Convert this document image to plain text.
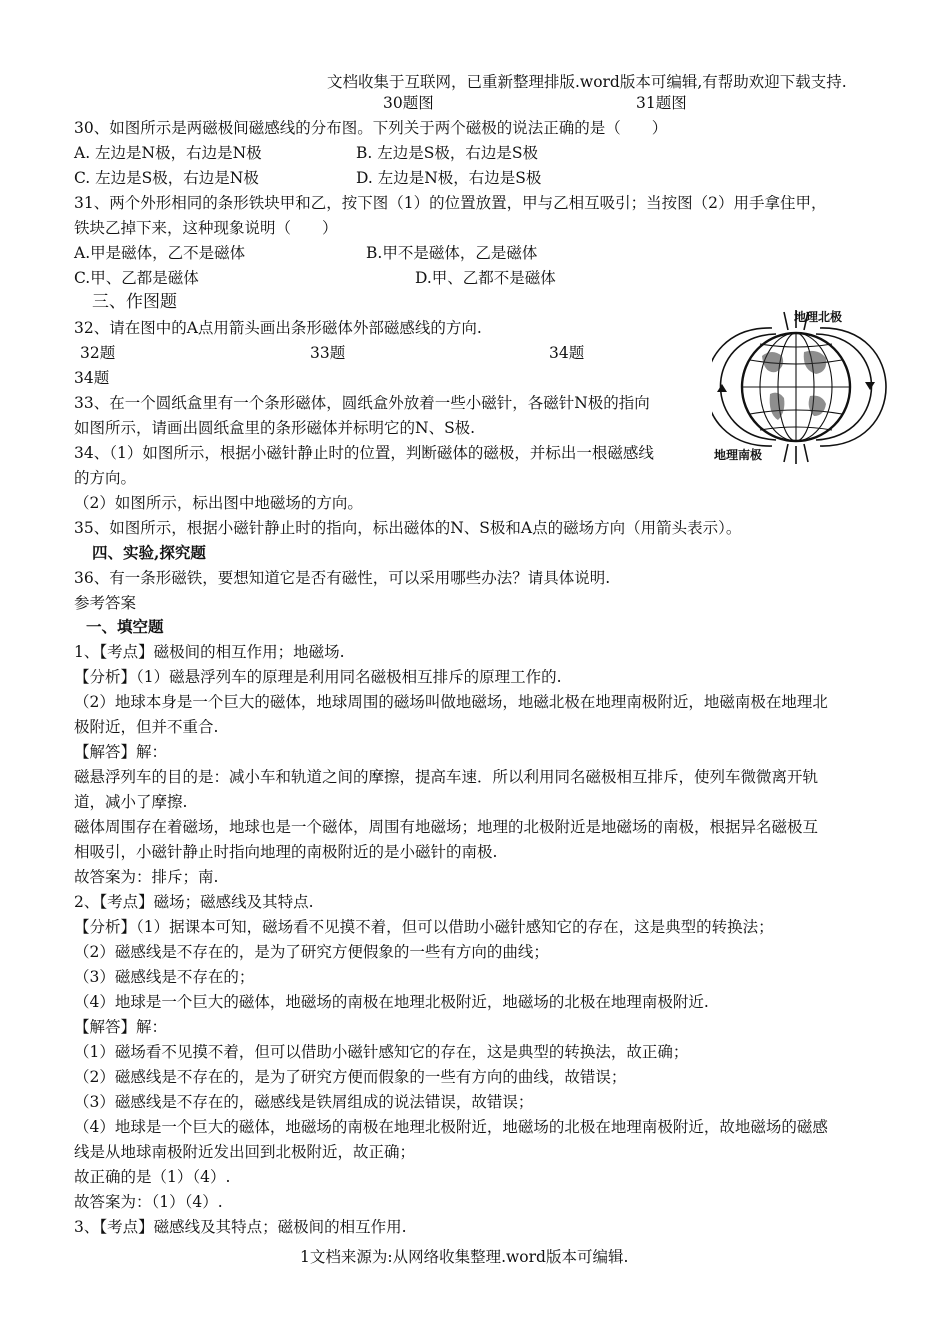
文档收集于互联网，已重新整理排版.word版本可编辑,有帮助欢迎下载支持.
30题图	31题图
30、如图所示是两磁极间磁感线的分布图。下列关于两个磁极的说法正确的是（　　）
A. 左边是N极，右边是N极	B. 左边是S极，右边是S极
C. 左边是S极，右边是N极	D. 左边是N极，右边是S极
31、两个外形相同的条形铁块甲和乙，按下图（1）的位置放置，甲与乙相互吸引；当按图（2）用手拿住甲，
铁块乙掉下来，这种现象说明（　　）
A.甲是磁体，乙不是磁体	B.甲不是磁体，乙是磁体
C.甲、乙都是磁体	D.甲、乙都不是磁体
三、作图题
32、请在图中的A点用箭头画出条形磁体外部磁感线的方向.
32题	33题	34题
34题
33、在一个圆纸盒里有一个条形磁体，圆纸盒外放着一些小磁针，各磁针N极的指向
如图所示，请画出圆纸盒里的条形磁体并标明它的N、S极.
34、（1）如图所示，根据小磁针静止时的位置，判断磁体的磁极，并标出一根磁感线
的方向。
（2）如图所示，标出图中地磁场的方向。
35、如图所示，根据小磁针静止时的指向，标出磁体的N、S极和A点的磁场方向（用箭头表示）。
四、实验,探究题
36、有一条形磁铁，要想知道它是否有磁性，可以采用哪些办法？请具体说明.
地理北极
地理南极
参考答案
一、填空题
1、【考点】磁极间的相互作用；地磁场.
【分析】（1）磁悬浮列车的原理是利用同名磁极相互排斥的原理工作的.
（2）地球本身是一个巨大的磁体，地球周围的磁场叫做地磁场，地磁北极在地理南极附近，地磁南极在地理北
极附近，但并不重合.
【解答】解：
磁悬浮列车的目的是：减小车和轨道之间的摩擦，提高车速．所以利用同名磁极相互排斥，使列车微微离开轨
道，减小了摩擦.
磁体周围存在着磁场，地球也是一个磁体，周围有地磁场；地理的北极附近是地磁场的南极，根据异名磁极互
相吸引，小磁针静止时指向地理的南极附近的是小磁针的南极.
故答案为：排斥；南.
2、【考点】磁场；磁感线及其特点.
【分析】（1）据课本可知，磁场看不见摸不着，但可以借助小磁针感知它的存在，这是典型的转换法；
（2）磁感线是不存在的，是为了研究方便假象的一些有方向的曲线；
（3）磁感线是不存在的；
（4）地球是一个巨大的磁体，地磁场的南极在地理北极附近，地磁场的北极在地理南极附近.
【解答】解：
（1）磁场看不见摸不着，但可以借助小磁针感知它的存在，这是典型的转换法，故正确；
（2）磁感线是不存在的，是为了研究方便而假象的一些有方向的曲线，故错误；
（3）磁感线是不存在的，磁感线是铁屑组成的说法错误，故错误；
（4）地球是一个巨大的磁体，地磁场的南极在地理北极附近，地磁场的北极在地理南极附近，故地磁场的磁感
线是从地球南极附近发出回到北极附近，故正确；
故正确的是（1）（4）.
故答案为：（1）（4）.
3、【考点】磁感线及其特点；磁极间的相互作用.
1文档来源为:从网络收集整理.word版本可编辑.
